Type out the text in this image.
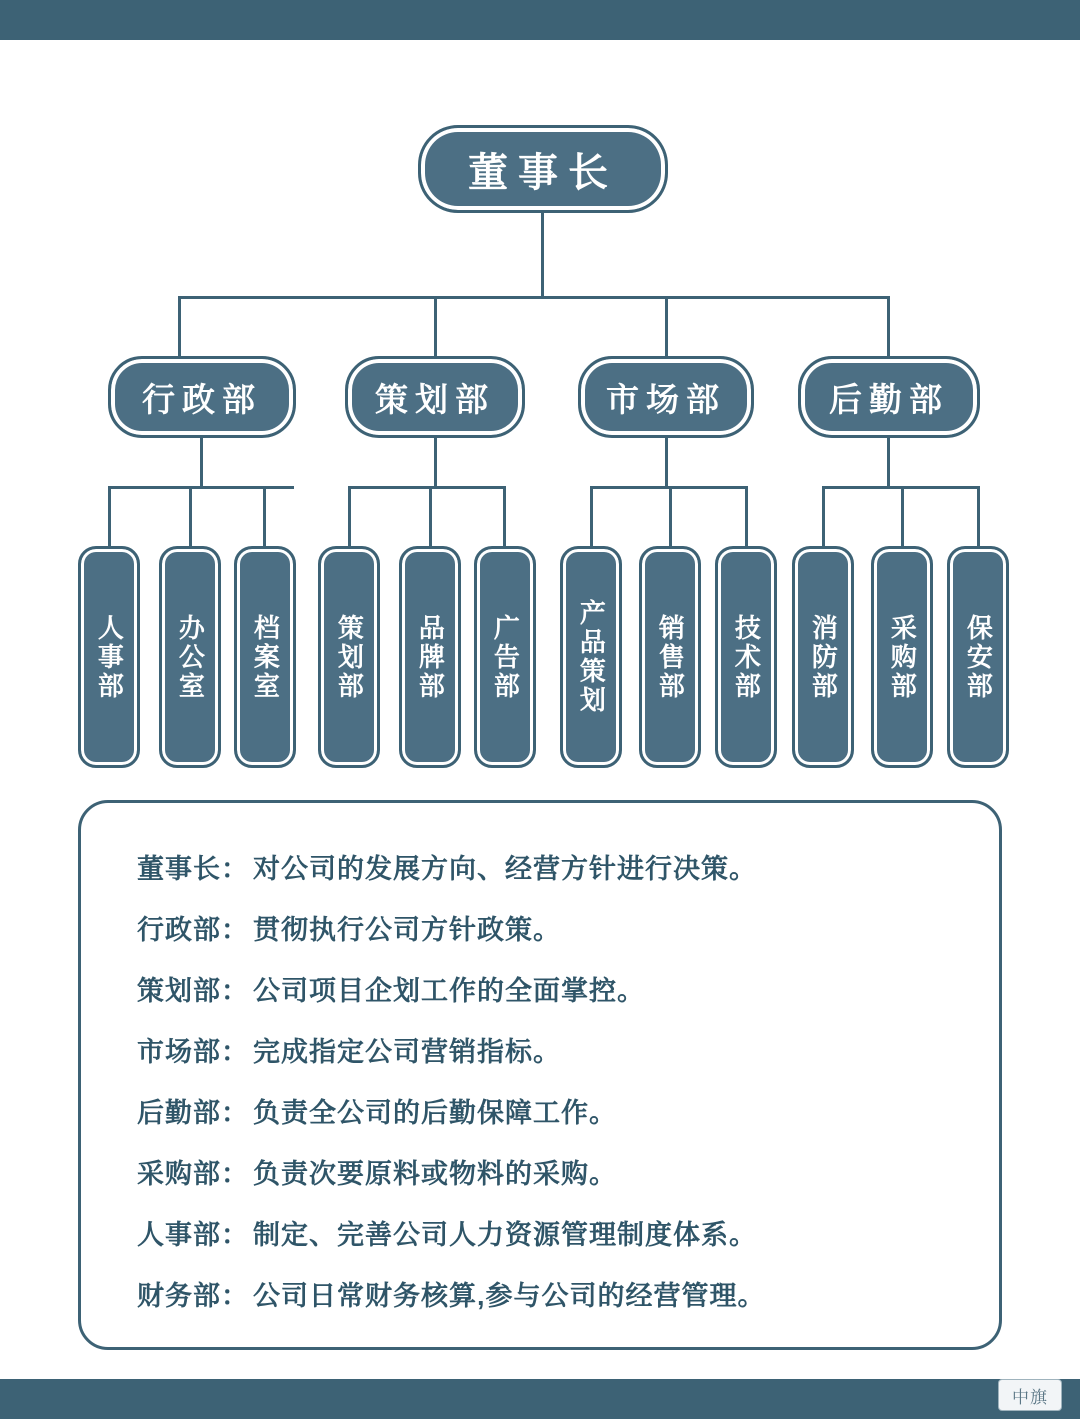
董事长
行政部	策划部	市场部	后勤部
人事部 办公室 档案室 策划部 品牌部 广告部 产品策划 销售部 技术部 消防部 采购部 保安部
董事长： 对公司的发展方向、经营方针进行决策。
行政部： 贯彻执行公司方针政策。
策划部： 公司项目企划工作的全面掌控。
市场部： 完成指定公司营销指标。
后勤部： 负责全公司的后勤保障工作。
采购部： 负责次要原料或物料的采购。
人事部： 制定、完善公司人力资源管理制度体系。
财务部： 公司日常财务核算,参与公司的经营管理。
中旗
